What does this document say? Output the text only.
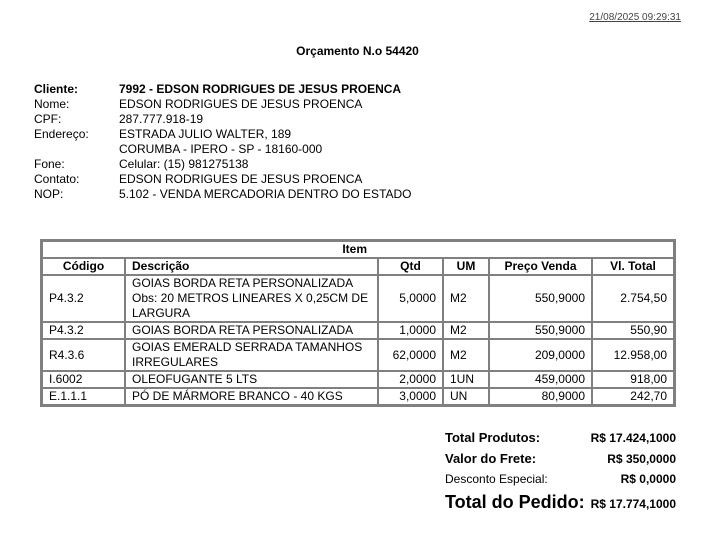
21/08/2025 09:29:31
Orçamento N.o 54420
Cliente:	7992 - EDSON RODRIGUES DE JESUS PROENCA
Nome:	EDSON RODRIGUES DE JESUS PROENCA
CPF:	287.777.918-19
Endereço:	ESTRADA JULIO WALTER, 189
	CORUMBA - IPERO - SP - 18160-000
Fone:	Celular: (15) 981275138
Contato:	EDSON RODRIGUES DE JESUS PROENCA
NOP:	5.102 - VENDA MERCADORIA DENTRO DO ESTADO
Item					
Código	Descrição	Qtd	UM	Preço Venda	Vl. Total
P4.3.2	GOIAS BORDA RETA PERSONALIZADA
Obs: 20 METROS LINEARES X 0,25CM DE LARGURA	5,0000	M2	550,9000	2.754,50
P4.3.2	GOIAS BORDA RETA PERSONALIZADA	1,0000	M2	550,9000	550,90
R4.3.6	GOIAS EMERALD SERRADA TAMANHOS IRREGULARES	62,0000	M2	209,0000	12.958,00
I.6002	OLEOFUGANTE 5 LTS	2,0000	1UN	459,0000	918,00
E.1.1.1	PÓ DE MÁRMORE BRANCO - 40 KGS	3,0000	UN	80,9000	242,70
Total Produtos:	R$ 17.424,1000
Valor do Frete:	R$ 350,0000
Desconto Especial:	R$ 0,0000
Total do Pedido: R$ 17.774,1000
